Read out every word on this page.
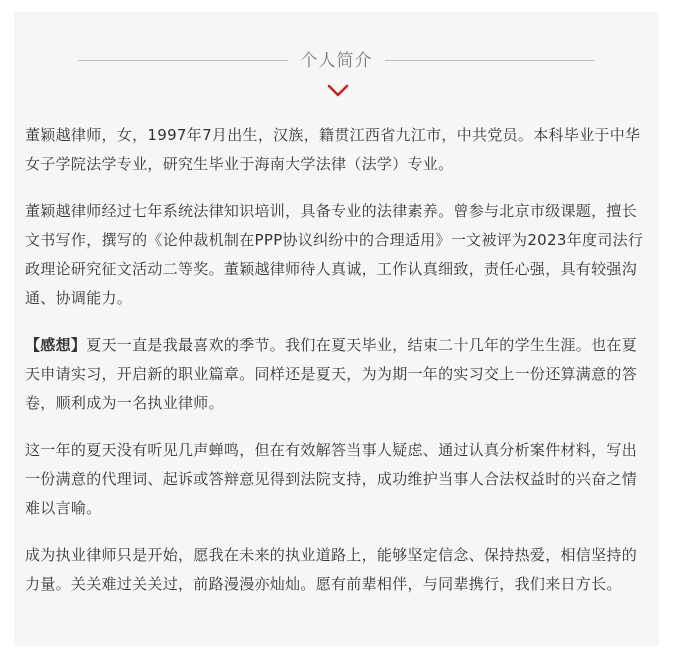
个人简介

董颖越律师，女，1997年7月出生，汉族，籍贯江西省九江市，中共党员。本科毕业于中华女子学院法学专业，研究生毕业于海南大学法律（法学）专业。

董颖越律师经过七年系统法律知识培训，具备专业的法律素养。曾参与北京市级课题，擅长文书写作，撰写的《论仲裁机制在PPP协议纠纷中的合理适用》一文被评为2023年度司法行政理论研究征文活动二等奖。董颖越律师待人真诚，工作认真细致，责任心强，具有较强沟通、协调能力。

【感想】夏天一直是我最喜欢的季节。我们在夏天毕业，结束二十几年的学生生涯。也在夏天申请实习，开启新的职业篇章。同样还是夏天，为为期一年的实习交上一份还算满意的答卷，顺利成为一名执业律师。

这一年的夏天没有听见几声蝉鸣，但在有效解答当事人疑虑、通过认真分析案件材料，写出一份满意的代理词、起诉或答辩意见得到法院支持，成功维护当事人合法权益时的兴奋之情难以言喻。

成为执业律师只是开始，愿我在未来的执业道路上，能够坚定信念、保持热爱，相信坚持的力量。关关难过关关过，前路漫漫亦灿灿。愿有前辈相伴，与同辈携行，我们来日方长。
